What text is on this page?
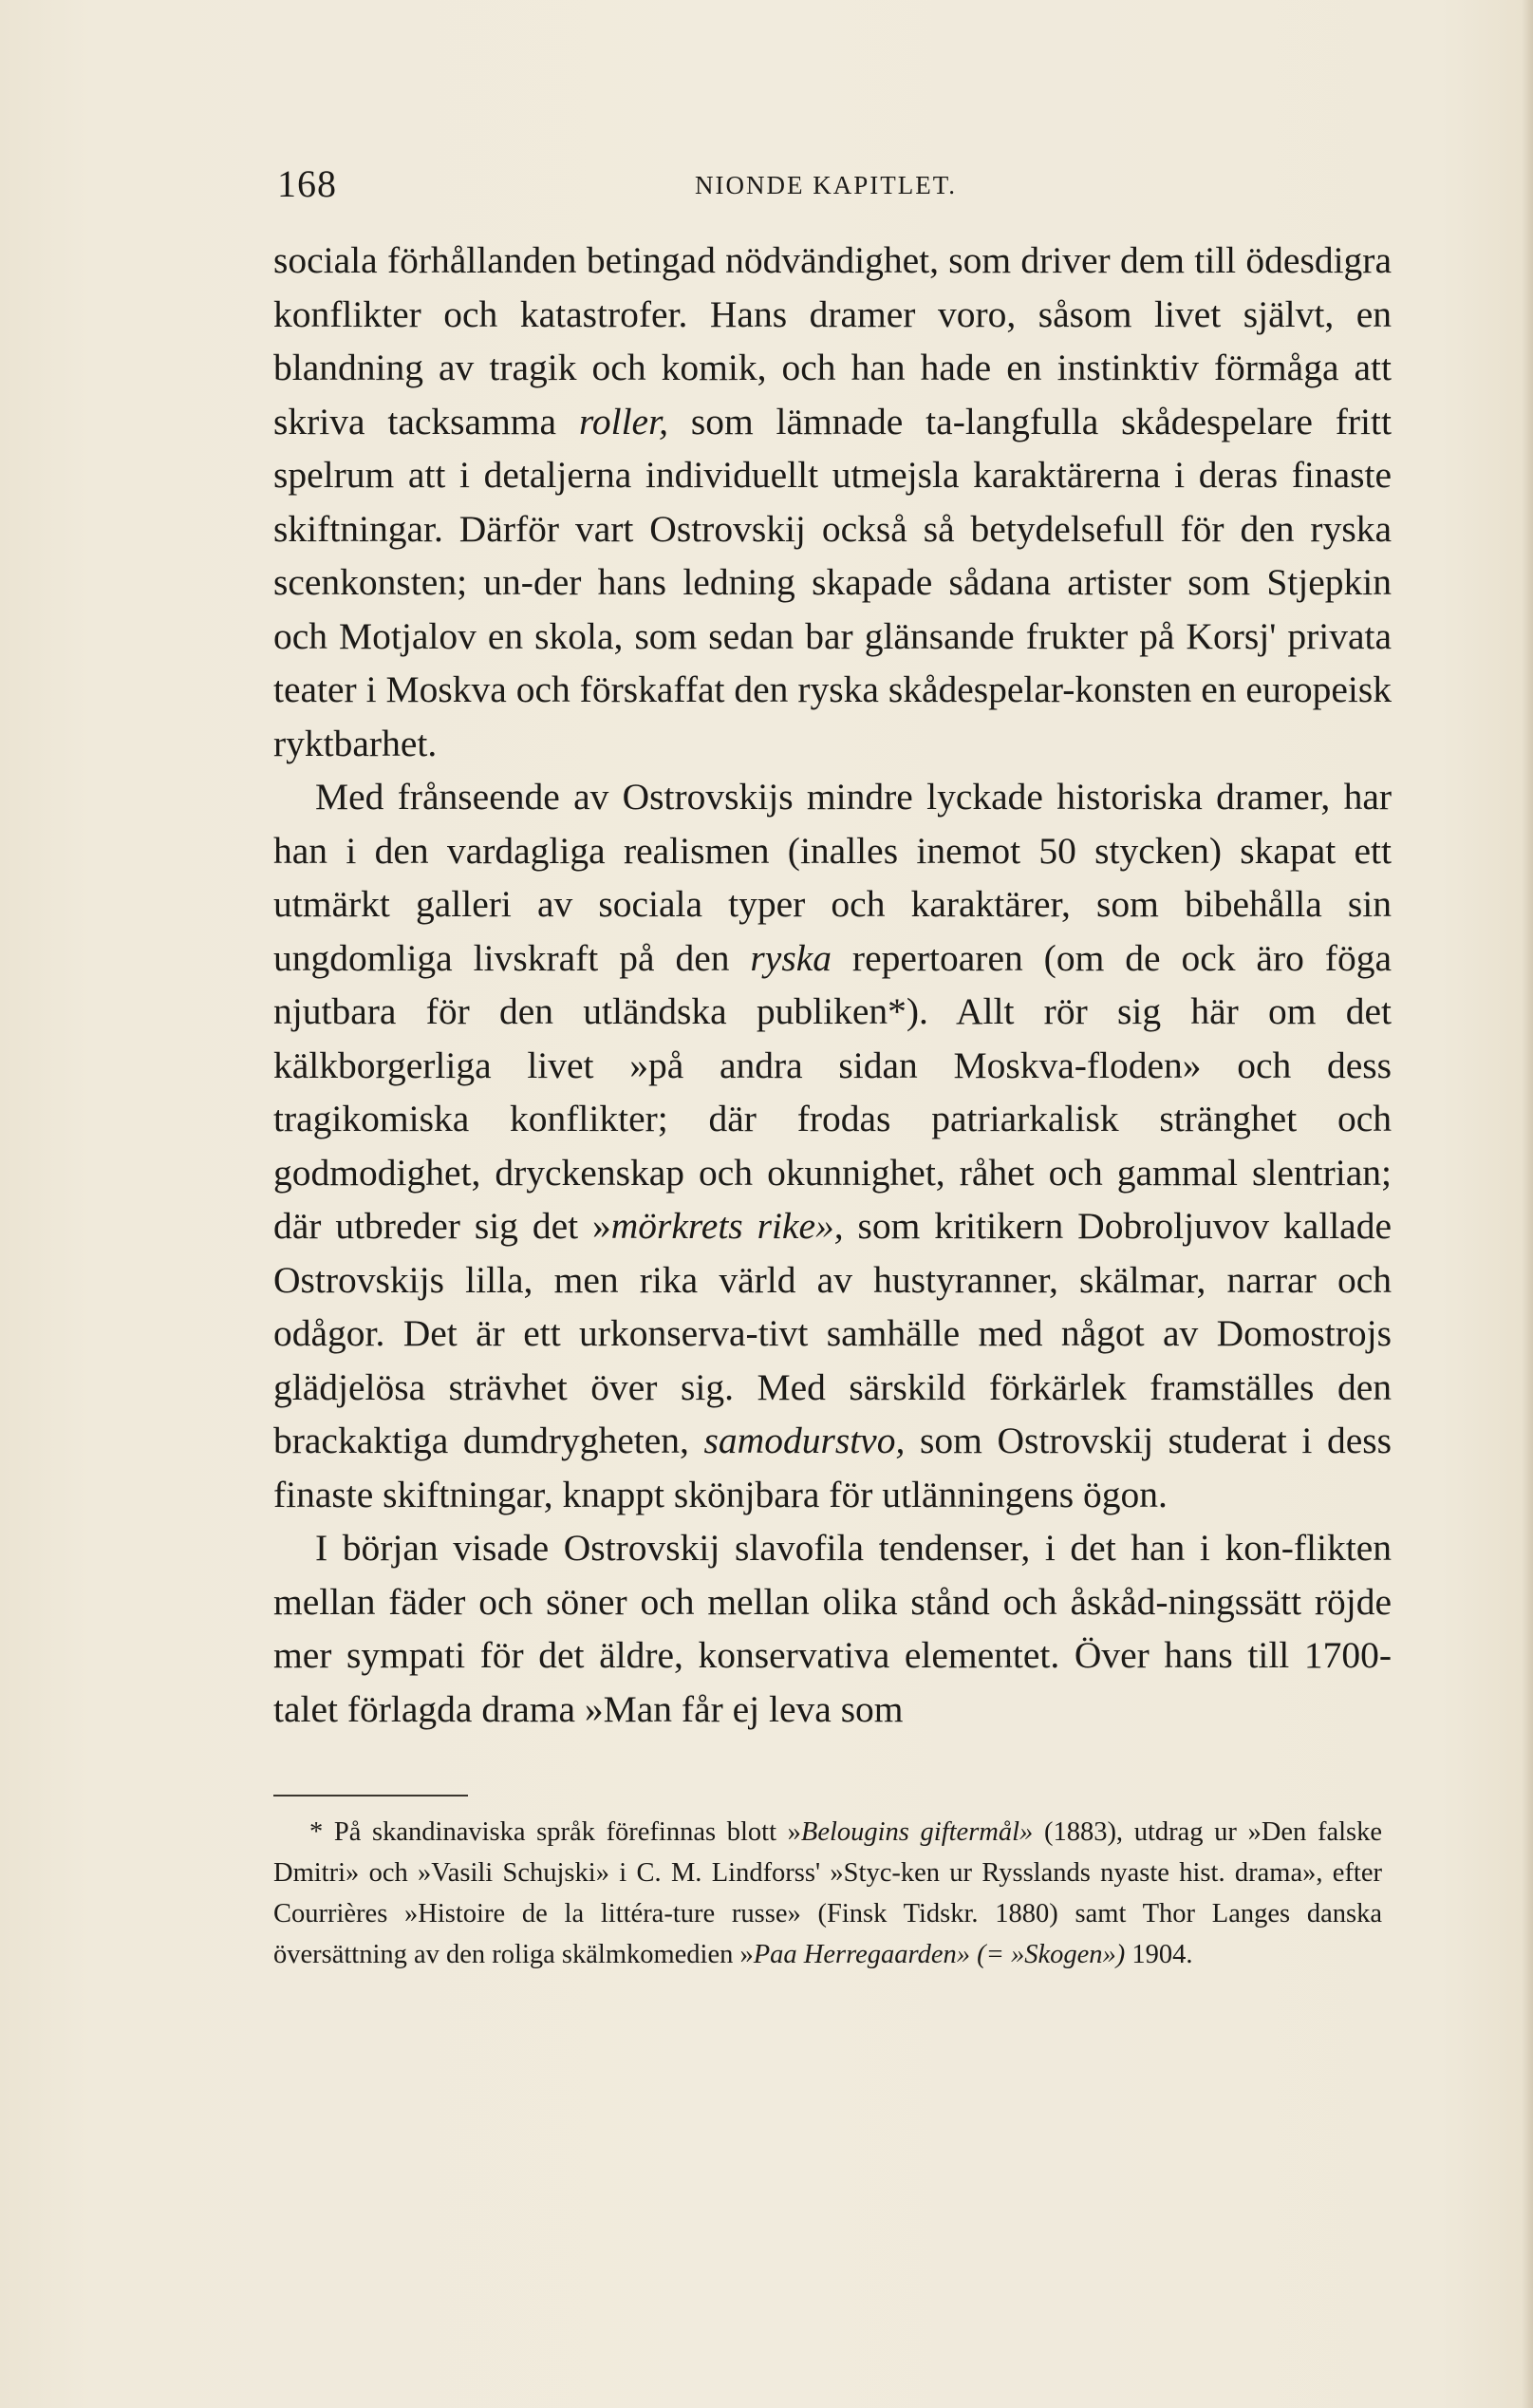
168	NIONDE KAPITLET.

sociala förhållanden betingad nödvändighet, som driver dem till ödesdigra konflikter och katastrofer. Hans dramer voro, såsom livet självt, en blandning av tragik och komik, och han hade en instinktiv förmåga att skriva tacksamma roller, som lämnade ta-langfulla skådespelare fritt spelrum att i detaljerna individuellt utmejsla karaktärerna i deras finaste skiftningar. Därför vart Ostrovskij också så betydelsefull för den ryska scenkonsten; un-der hans ledning skapade sådana artister som Stjepkin och Motjalov en skola, som sedan bar glänsande frukter på Korsj' privata teater i Moskva och förskaffat den ryska skådespelar-konsten en europeisk ryktbarhet.

Med frånseende av Ostrovskijs mindre lyckade historiska dramer, har han i den vardagliga realismen (inalles inemot 50 stycken) skapat ett utmärkt galleri av sociala typer och karaktärer, som bibehålla sin ungdomliga livskraft på den ryska repertoaren (om de ock äro föga njutbara för den utländska publiken*). Allt rör sig här om det kälkborgerliga livet »på andra sidan Moskva-floden» och dess tragikomiska konflikter; där frodas patriarkalisk stränghet och godmodighet, dryckenskap och okunnighet, råhet och gammal slentrian; där utbreder sig det »mörkrets rike», som kritikern Dobroljuvov kallade Ostrovskijs lilla, men rika värld av hustyranner, skälmar, narrar och odågor. Det är ett urkonserva-tivt samhälle med något av Domostrojs glädjelösa strävhet över sig. Med särskild förkärlek framställes den brackaktiga dumdrygheten, samodurstvo, som Ostrovskij studerat i dess finaste skiftningar, knappt skönjbara för utlänningens ögon.

I början visade Ostrovskij slavofila tendenser, i det han i kon-flikten mellan fäder och söner och mellan olika stånd och åskåd-ningssätt röjde mer sympati för det äldre, konservativa elementet. Över hans till 1700-talet förlagda drama »Man får ej leva som

* På skandinaviska språk förefinnas blott »Belougins giftermål» (1883), utdrag ur »Den falske Dmitri» och »Vasili Schujski» i C. M. Lindforss' »Styc-ken ur Rysslands nyaste hist. drama», efter Courrières »Histoire de la littéra-ture russe» (Finsk Tidskr. 1880) samt Thor Langes danska översättning av den roliga skälmkomedien »Paa Herregaarden» (= »Skogen») 1904.
